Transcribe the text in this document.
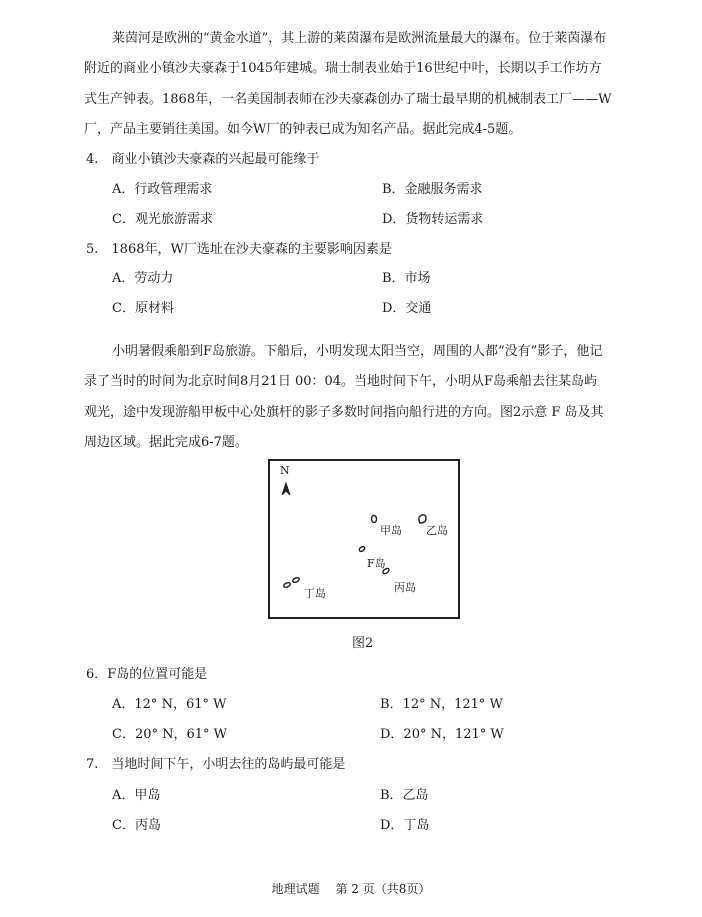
莱茵河是欧洲的“黄金水道”，其上游的莱茵瀑布是欧洲流量最大的瀑布。位于莱茵瀑布
附近的商业小镇沙夫豪森于1045年建城。瑞士制表业始于16世纪中叶，长期以手工作坊方
式生产钟表。1868年，一名美国制表师在沙夫豪森创办了瑞士最早期的机械制表工厂——W
厂，产品主要销往美国。如今W厂的钟表已成为知名产品。据此完成4-5题。
4.　商业小镇沙夫豪森的兴起最可能缘于
A．行政管理需求	B．金融服务需求
C．观光旅游需求	D．货物转运需求
5.　1868年，W厂选址在沙夫豪森的主要影响因素是
A．劳动力	B．市场
C．原材料	D．交通
小明暑假乘船到F岛旅游。下船后，小明发现太阳当空，周围的人都“没有”影子，他记
录了当时的时间为北京时间8月21日 00：04。当地时间下午，小明从F岛乘船去往某岛屿
观光，途中发现游船甲板中心处旗杆的影子多数时间指向船行进的方向。图2示意 F 岛及其
周边区域。据此完成6-7题。
N
甲岛 乙岛
F岛
丙岛
丁岛
图2
6．F岛的位置可能是
A．12° N，61° W	B．12° N，121° W
C．20° N，61° W	D．20° N，121° W
7.　当地时间下午，小明去往的岛屿最可能是
A．甲岛	B．乙岛
C．丙岛	D．丁岛
地理试题 第 2 页（共8页）
